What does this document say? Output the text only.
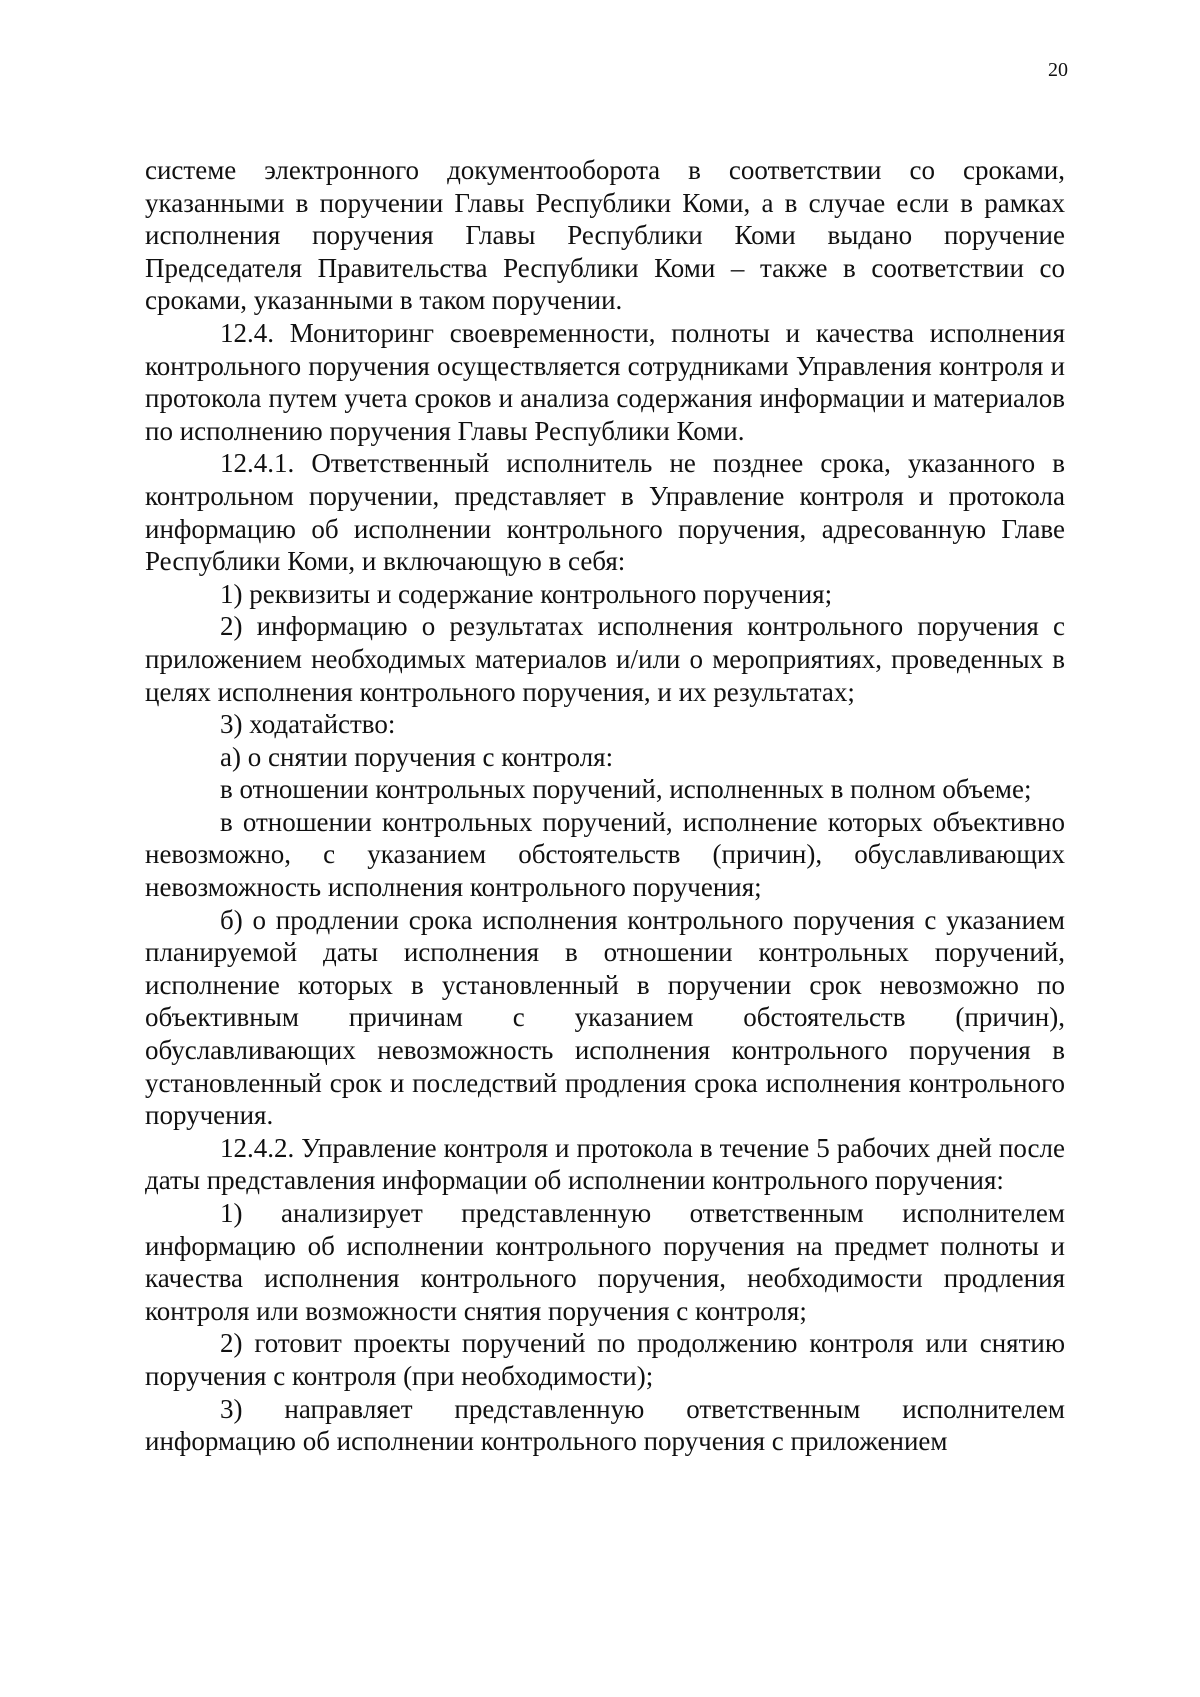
20

системе электронного документооборота в соответствии со сроками, указанными в поручении Главы Республики Коми, а в случае если в рамках исполнения поручения Главы Республики Коми выдано поручение Председателя Правительства Республики Коми – также в соответствии со сроками, указанными в таком поручении.

12.4. Мониторинг своевременности, полноты и качества исполнения контрольного поручения осуществляется сотрудниками Управления контроля и протокола путем учета сроков и анализа содержания информации и материалов по исполнению поручения Главы Республики Коми.

12.4.1. Ответственный исполнитель не позднее срока, указанного в контрольном поручении, представляет в Управление контроля и протокола информацию об исполнении контрольного поручения, адресованную Главе Республики Коми, и включающую в себя:

1) реквизиты и содержание контрольного поручения;

2) информацию о результатах исполнения контрольного поручения с приложением необходимых материалов и/или о мероприятиях, проведенных в целях исполнения контрольного поручения, и их результатах;

3) ходатайство:

а) о снятии поручения с контроля:

в отношении контрольных поручений, исполненных в полном объеме;

в отношении контрольных поручений, исполнение которых объективно невозможно, с указанием обстоятельств (причин), обуславливающих невозможность исполнения контрольного поручения;

б) о продлении срока исполнения контрольного поручения с указанием планируемой даты исполнения в отношении контрольных поручений, исполнение которых в установленный в поручении срок невозможно по объективным причинам с указанием обстоятельств (причин), обуславливающих невозможность исполнения контрольного поручения в установленный срок и последствий продления срока исполнения контрольного поручения.

12.4.2. Управление контроля и протокола в течение 5 рабочих дней после даты представления информации об исполнении контрольного поручения:

1) анализирует представленную ответственным исполнителем информацию об исполнении контрольного поручения на предмет полноты и качества исполнения контрольного поручения, необходимости продления контроля или возможности снятия поручения с контроля;

2) готовит проекты поручений по продолжению контроля или снятию поручения с контроля (при необходимости);

3) направляет представленную ответственным исполнителем информацию об исполнении контрольного поручения с приложением
